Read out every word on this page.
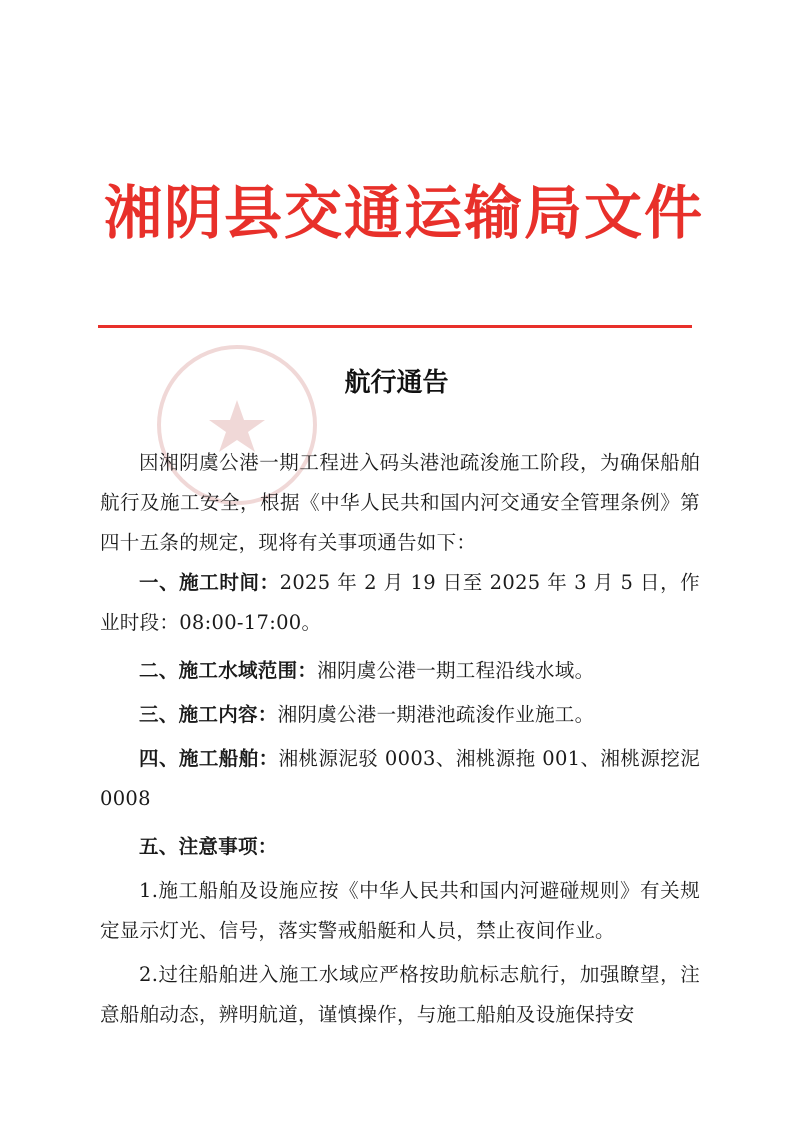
湘阴县交通运输局文件
航行通告

因湘阴虞公港一期工程进入码头港池疏浚施工阶段，为确保船舶航行及施工安全，根据《中华人民共和国内河交通安全管理条例》第四十五条的规定，现将有关事项通告如下：

一、施工时间：2025 年 2 月 19 日至 2025 年 3 月 5 日，作业时段：08:00-17:00。

二、施工水域范围：湘阴虞公港一期工程沿线水域。

三、施工内容：湘阴虞公港一期港池疏浚作业施工。

四、施工船舶：湘桃源泥驳 0003、湘桃源拖 001、湘桃源挖泥 0008

五、注意事项：

1.施工船舶及设施应按《中华人民共和国内河避碰规则》有关规定显示灯光、信号，落实警戒船艇和人员，禁止夜间作业。

2.过往船舶进入施工水域应严格按助航标志航行，加强瞭望，注意船舶动态，辨明航道，谨慎操作，与施工船舶及设施保持安
